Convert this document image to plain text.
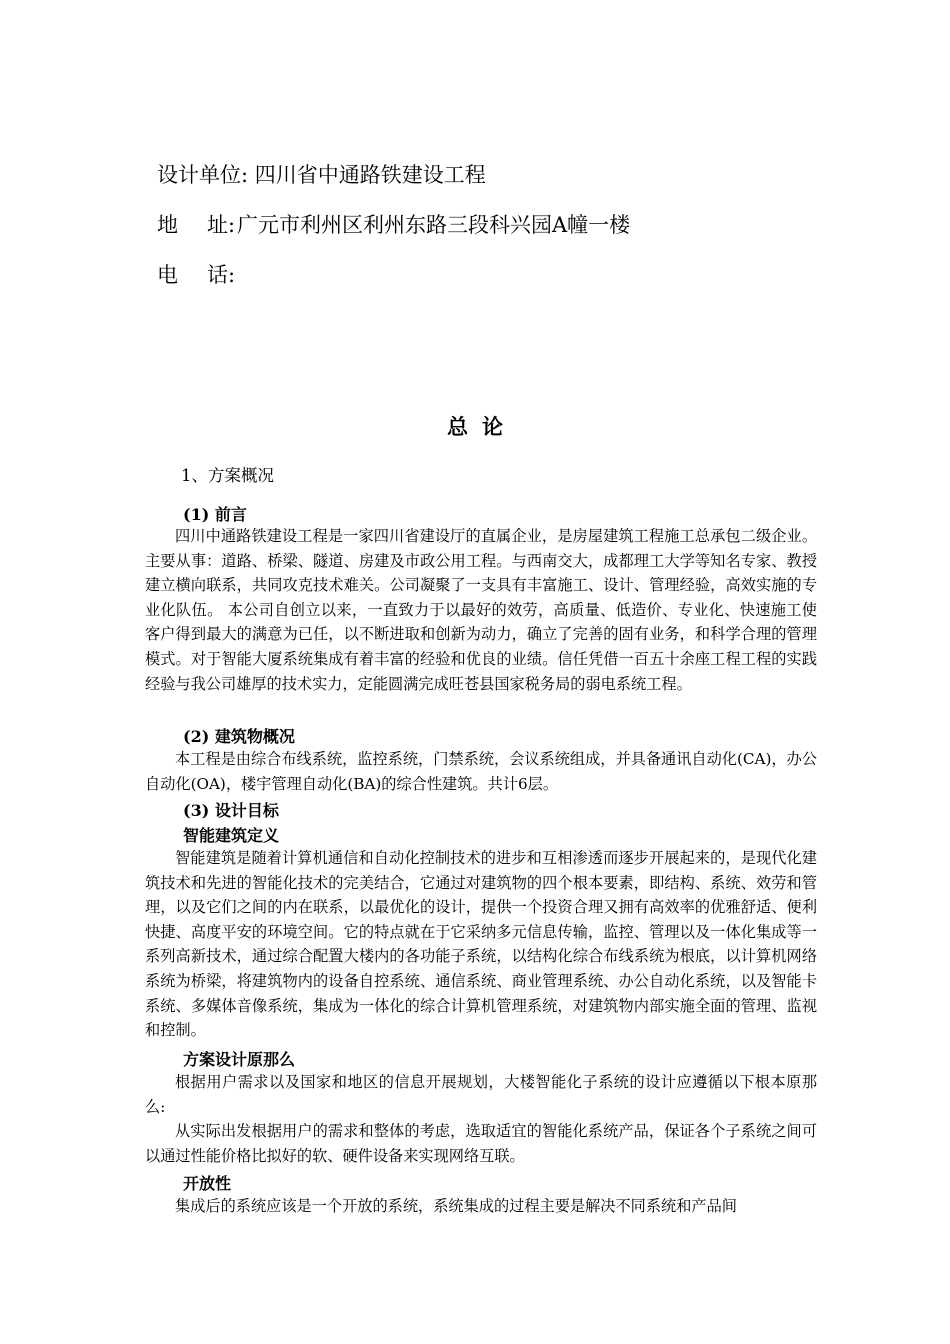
设计单位: 四川省中通路铁建设工程
地 址:广元市利州区利州东路三段科兴园A幢一楼
电 话:
总论
1、方案概况
(1) 前言

四川中通路铁建设工程是一家四川省建设厅的直属企业，是房屋建筑工程施工总承包二级企业。主要从事：道路、桥梁、隧道、房建及市政公用工程。与西南交大，成都理工大学等知名专家、教授建立横向联系，共同攻克技术难关。公司凝聚了一支具有丰富施工、设计、管理经验，高效实施的专业化队伍。 本公司自创立以来，一直致力于以最好的效劳，高质量、低造价、专业化、快速施工使客户得到最大的满意为已任，以不断进取和创新为动力，确立了完善的固有业务，和科学合理的管理模式。对于智能大厦系统集成有着丰富的经验和优良的业绩。信任凭借一百五十余座工程工程的实践经验与我公司雄厚的技术实力，定能圆满完成旺苍县国家税务局的弱电系统工程。

(2) 建筑物概况

本工程是由综合布线系统，监控系统，门禁系统，会议系统组成，并具备通讯自动化(CA)，办公自动化(OA)，楼宇管理自动化(BA)的综合性建筑。共计6层。

(3) 设计目标
智能建筑定义

智能建筑是随着计算机通信和自动化控制技术的进步和互相渗透而逐步开展起来的，是现代化建筑技术和先进的智能化技术的完美结合，它通过对建筑物的四个根本要素，即结构、系统、效劳和管理，以及它们之间的内在联系，以最优化的设计，提供一个投资合理又拥有高效率的优雅舒适、便利快捷、高度平安的环境空间。它的特点就在于它采纳多元信息传输，监控、管理以及一体化集成等一系列高新技术，通过综合配置大楼内的各功能子系统，以结构化综合布线系统为根底，以计算机网络系统为桥梁，将建筑物内的设备自控系统、通信系统、商业管理系统、办公自动化系统，以及智能卡系统、多媒体音像系统，集成为一体化的综合计算机管理系统，对建筑物内部实施全面的管理、监视和控制。

方案设计原那么

根据用户需求以及国家和地区的信息开展规划，大楼智能化子系统的设计应遵循以下根本原那么:

从实际出发根据用户的需求和整体的考虑，选取适宜的智能化系统产品，保证各个子系统之间可以通过性能价格比拟好的软、硬件设备来实现网络互联。

开放性

集成后的系统应该是一个开放的系统，系统集成的过程主要是解决不同系统和产品间
